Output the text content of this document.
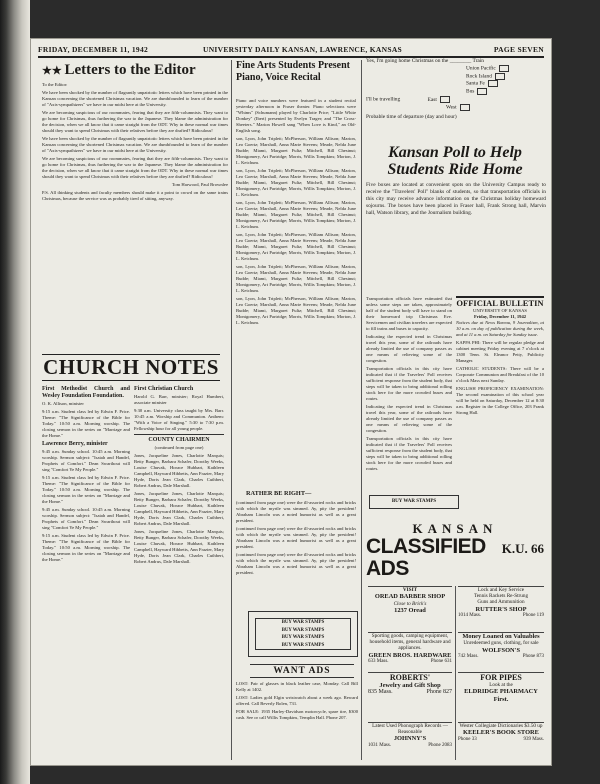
FRIDAY, DECEMBER 11, 1942	UNIVERSITY DAILY KANSAN, LAWRENCE, KANSAS	PAGE SEVEN
★★ Letters to the Editor

To the Editor:

We have been shocked by the number of flagrantly unpatriotic letters which have been printed in the Kansan concerning the shortened Christmas vacation. We are dumbfounded to learn of the number of "Axis-sympathizers" we have in our midst here at the University.

We are becoming suspicious of our roommates, fearing that they are fifth-columnists. They want to go home for Christmas, thus furthering the war to the Japanese. They blame the administration for the decision, when we all know that it came straight from the ODT. Why in these normal war times should they want to spend Christmas with their relatives before they are drafted? Ridiculous!

We have been shocked by the number of flagrantly unpatriotic letters which have been printed in the Kansan concerning the shortened Christmas vacation. We are dumbfounded to learn of the number of "Axis-sympathizers" we have in our midst here at the University.

We are becoming suspicious of our roommates, fearing that they are fifth-columnists. They want to go home for Christmas, thus furthering the war to the Japanese. They blame the administration for the decision, when we all know that it came straight from the ODT. Why in these normal war times should they want to spend Christmas with their relatives before they are drafted? Ridiculous!

Tom Harwood, Paul Brownlee

P.S. All thinking students and faculty members should make it a point to crowd on the same trains Christmas, because the service was as probably tired of sitting, anyway.

CHURCH NOTES
First Methodist Church and Wesley Foundation Foundation.

O. K. Allison, minister

9:15 a.m. Student class led by Edwin F. Price. Theme: "The Significance of the Bible for Today." 10:50 a.m. Morning worship. The closing sermon in the series on "Marriage and the Home."

Lawrence Berry, minister

9:45 a.m. Sunday school. 10:45 a.m. Morning worship. Sermon subject: "Isaiah and Handel, Prophets of Comfort." Dean Swarthout will sing "Comfort Ye My People."

9:15 a.m. Student class led by Edwin F. Price. Theme: "The Significance of the Bible for Today." 10:50 a.m. Morning worship. The closing sermon in the series on "Marriage and the Home."

9:45 a.m. Sunday school. 10:45 a.m. Morning worship. Sermon subject: "Isaiah and Handel, Prophets of Comfort." Dean Swarthout will sing "Comfort Ye My People."

9:15 a.m. Student class led by Edwin F. Price. Theme: "The Significance of the Bible for Today." 10:50 a.m. Morning worship. The closing sermon in the series on "Marriage and the Home."

First Christian Church

Harold G. Barr, minister; Royal Humbert, associate minister

9:30 a.m. University class taught by Mrs. Barr. 10:45 a.m. Worship and Communion. Anthem: "With a Voice of Singing." 5:30 to 7:30 p.m. Fellowship hour for all young people.

COUNTY CHAIRMEN

(continued from page one)

Jones, Jacqueline Jones, Charlotte Marquis; Betty Bunger, Barbara Schafer, Dorothy Weeks, Louise Chuvak, Horace Hubbart, Kathleen Campbell, Hayward Hibbetts, Ann Frazier, Mary Hyde, Doris Jean Clark, Charles Cuthbert, Robert Andrus, Dale Marshall.

Jones, Jacqueline Jones, Charlotte Marquis; Betty Bunger, Barbara Schafer, Dorothy Weeks, Louise Chuvak, Horace Hubbart, Kathleen Campbell, Hayward Hibbetts, Ann Frazier, Mary Hyde, Doris Jean Clark, Charles Cuthbert, Robert Andrus, Dale Marshall.

Jones, Jacqueline Jones, Charlotte Marquis; Betty Bunger, Barbara Schafer, Dorothy Weeks, Louise Chuvak, Horace Hubbart, Kathleen Campbell, Hayward Hibbetts, Ann Frazier, Mary Hyde, Doris Jean Clark, Charles Cuthbert, Robert Andrus, Dale Marshall.

Fine Arts Students Present Piano, Voice Recital

Piano and voice numbers were featured in a student recital yesterday afternoon in Fraser theater. Piano selections were "Whims" (Schumann) played by Charlotte Price; "Little White Donkey" (Ibert) presented by Evelyn Trager; and "The Cross-Sheeters." Marion Howell sang "When Love is Kind," an Old-English song.

son, Lyon, John Triplett; McPherson, William Allison; Marion, Leo Goertz; Marshall, Anna Marie Stevens; Meade, Nelda June Budde; Miami, Margaret Fultz; Mitchell, Bill Chestnut; Montgomery, Art Partridge; Morris, Willis Tompkins; Morton, J. L. Ketchum.

son, Lyon, John Triplett; McPherson, William Allison; Marion, Leo Goertz; Marshall, Anna Marie Stevens; Meade, Nelda June Budde; Miami, Margaret Fultz; Mitchell, Bill Chestnut; Montgomery, Art Partridge; Morris, Willis Tompkins; Morton, J. L. Ketchum.

son, Lyon, John Triplett; McPherson, William Allison; Marion, Leo Goertz; Marshall, Anna Marie Stevens; Meade, Nelda June Budde; Miami, Margaret Fultz; Mitchell, Bill Chestnut; Montgomery, Art Partridge; Morris, Willis Tompkins; Morton, J. L. Ketchum.

son, Lyon, John Triplett; McPherson, William Allison; Marion, Leo Goertz; Marshall, Anna Marie Stevens; Meade, Nelda June Budde; Miami, Margaret Fultz; Mitchell, Bill Chestnut; Montgomery, Art Partridge; Morris, Willis Tompkins; Morton, J. L. Ketchum.

son, Lyon, John Triplett; McPherson, William Allison; Marion, Leo Goertz; Marshall, Anna Marie Stevens; Meade, Nelda June Budde; Miami, Margaret Fultz; Mitchell, Bill Chestnut; Montgomery, Art Partridge; Morris, Willis Tompkins; Morton, J. L. Ketchum.

son, Lyon, John Triplett; McPherson, William Allison; Marion, Leo Goertz; Marshall, Anna Marie Stevens; Meade, Nelda June Budde; Miami, Margaret Fultz; Mitchell, Bill Chestnut; Montgomery, Art Partridge; Morris, Willis Tompkins; Morton, J. L. Ketchum.

RATHER BE RIGHT—

(continued from page one) were the ill-assorted rocks and bricks with which the myrtle was simmed. Ay, pity the president! Abraham Lincoln was a noted humorist as well as a great president.

(continued from page one) were the ill-assorted rocks and bricks with which the myrtle was simmed. Ay, pity the president! Abraham Lincoln was a noted humorist as well as a great president.

(continued from page one) were the ill-assorted rocks and bricks with which the myrtle was simmed. Ay, pity the president! Abraham Lincoln was a noted humorist as well as a great president.

BUY WAR STAMPS
BUY WAR STAMPS
BUY WAR STAMPS
BUY WAR STAMPS
WANT ADS

LOST: Pair of glasses in black leather case, Monday. Call Bill Kelly at 1402.

LOST: Ladies gold Elgin wristwatch about a week ago. Reward offered. Call Beverly Bolen, 731.

FOR SALE: 1935 Harley-Davidson motorcycle, spare tire, $300 cash. See or call Willis Tompkins, Templin Hall. Phone 207.

Yes, I'm going home Christmas on the ________ Train
Union Pacific
Rock Island
Santa Fe
Bus
I'll be travelling	East
West
Probable time of departure (day and hour)
Kansan Poll to Help Students Ride Home

Five boxes are located at convenient spots on the University Campus ready to receive the "Travelers' Poll" blanks of students, so that transportation officials in this city may receive advance information on the Christmas holiday homeward sojourns. The boxes have been placed in Fraser hall, Frank Strong hall, Marvin hall, Watson library, and the Journalism building.

Transportation officials have estimated that unless some steps are taken, approximately half of the student body will have to stand on their homeward trip Christmas Eve. Servicemen and civilian travelers are expected to fill trains and buses to capacity.

Indicating the expected trend in Christmas travel this year, some of the railroads have already limited the use of company passes as one means of relieving some of the congestion.

Transportation officials in this city have indicated that if the Travelers' Poll receives sufficient response from the student body, that steps will be taken to bring additional rolling stock here for the more crowded buses and routes.

Indicating the expected trend in Christmas travel this year, some of the railroads have already limited the use of company passes as one means of relieving some of the congestion.

Transportation officials in this city have indicated that if the Travelers' Poll receives sufficient response from the student body, that steps will be taken to bring additional rolling stock here for the more crowded buses and routes.

BUY WAR STAMPS
OFFICIAL BULLETIN
UNIVERSITY OF KANSAS
Friday, December 11, 1942

Notices due at News Bureau, 9 Journalism, at 10 a.m. on day of publication during the week, and at 11 a.m. on Saturday for Sunday issue.

KAPPA PHI: There will be regular pledge and cabinet meeting Friday evening at 7 o'clock at 1300 Tenn. St. Eleanor Petty, Publicity Manager.

CATHOLIC STUDENTS: There will be a Corporate Communion and Breakfast of the 10 o'clock Mass next Sunday.

ENGLISH PROFICIENCY EXAMINATION: The second examination of this school year will be held on Saturday, December 12 at 8:30 a.m. Register in the College Office, 203 Frank Strong Hall.

KANSAN
CLASSIFIED ADS
K.U. 66
VISIT
OREAD BARBER SHOP
Close to Brick's

1237 Oread
Lock and Key Service
Tennis Rackets Re-Strung
Guns and Ammunition
RUTTER'S SHOP
1014 Mass.	Phone 119
Sporting goods, camping equipment, household items, general hardware and appliances.
GREEN BROS. HARDWARE
633 Mass.	Phone 631
Money Loaned on Valuables
Unredeemed guns, clothing, for sale
WOLFSON'S
742 Mass.	Phone 873
ROBERTS'
Jewelry and Gift Shop
835 Mass.	Phone 827
FOR PIPES
Look at the
ELDRIDGE PHARMACY
First.
Latest Used Phonograph Records — Reasonable
JOHNNY'S
1031 Mass.	Phone 2083
Wester Collegiate Dictionaries $3.50 up
KEELER'S BOOK STORE
Phone 33	939 Mass.
